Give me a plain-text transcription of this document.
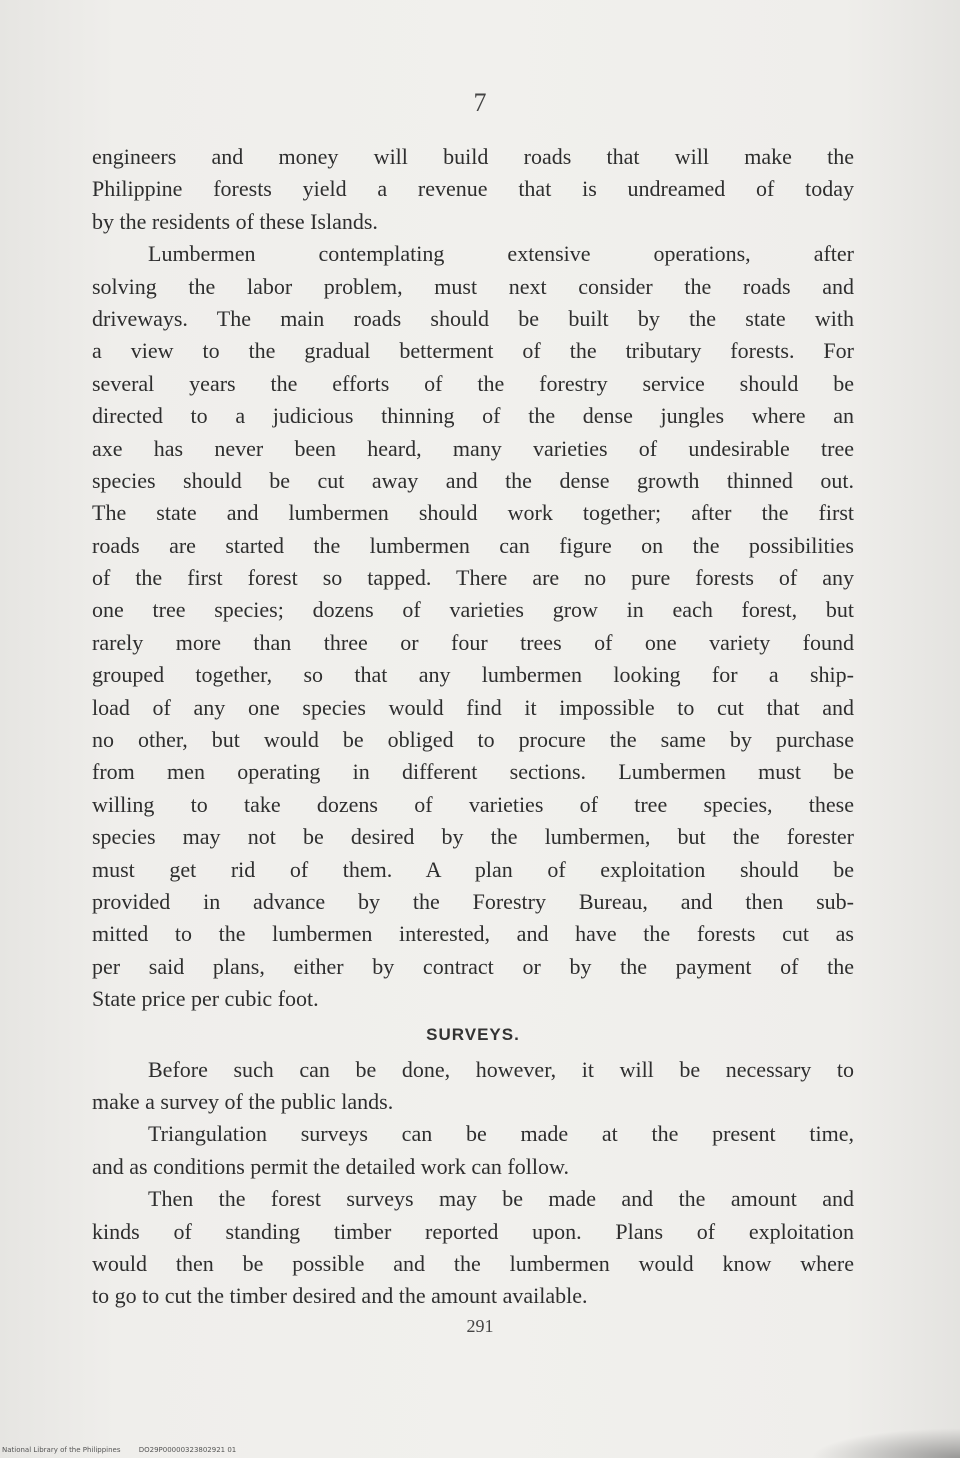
7
engineers and money will build roads that will make the
Philippine forests yield a revenue that is undreamed of today
by the residents of these Islands.
Lumbermen contemplating extensive operations, after
solving the labor problem, must next consider the roads and
driveways. The main roads should be built by the state with
a view to the gradual betterment of the tributary forests. For
several years the efforts of the forestry service should be
directed to a judicious thinning of the dense jungles where an
axe has never been heard, many varieties of undesirable tree
species should be cut away and the dense growth thinned out.
The state and lumbermen should work together; after the first
roads are started the lumbermen can figure on the possibilities
of the first forest so tapped. There are no pure forests of any
one tree species; dozens of varieties grow in each forest, but
rarely more than three or four trees of one variety found
grouped together, so that any lumbermen looking for a ship-
load of any one species would find it impossible to cut that and
no other, but would be obliged to procure the same by purchase
from men operating in different sections. Lumbermen must be
willing to take dozens of varieties of tree species, these
species may not be desired by the lumbermen, but the forester
must get rid of them. A plan of exploitation should be
provided in advance by the Forestry Bureau, and then sub-
mitted to the lumbermen interested, and have the forests cut as
per said plans, either by contract or by the payment of the
State price per cubic foot.
SURVEYS.
Before such can be done, however, it will be necessary to
make a survey of the public lands.
Triangulation surveys can be made at the present time,
and as conditions permit the detailed work can follow.
Then the forest surveys may be made and the amount and
kinds of standing timber reported upon. Plans of exploitation
would then be possible and the lumbermen would know where
to go to cut the timber desired and the amount available.
291
National Library of the Philippines	DO29P00000323802921 01
